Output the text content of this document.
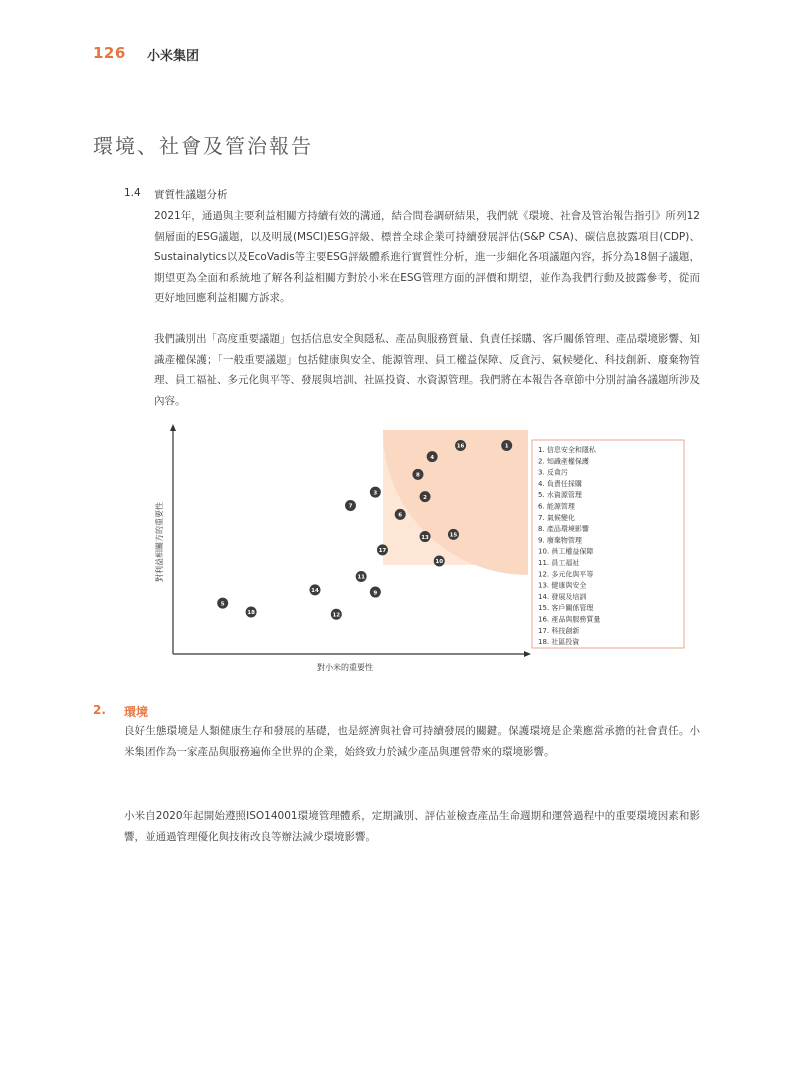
126 小米集团
環境、社會及管治報告
1.4 實質性議題分析
2021年，通過與主要利益相關方持續有效的溝通，結合問卷調研結果，我們就《環境、社會及管治報告指引》所列12個層面的ESG議題，以及明晟(MSCI)ESG評級、標普全球企業可持續發展評估(S&P CSA)、碳信息披露項目(CDP)、Sustainalytics以及EcoVadis等主要ESG評級體系進行實質性分析，進一步細化各項議題內容，拆分為18個子議題，期望更為全面和系統地了解各利益相關方對於小米在ESG管理方面的評價和期望，並作為我們行動及披露參考，從而更好地回應利益相關方訴求。
我們識別出「高度重要議題」包括信息安全與隱私、產品與服務質量、負責任採購、客戶關係管理、產品環境影響、知識產權保護；「一般重要議題」包括健康與安全、能源管理、員工權益保障、反貪污、氣候變化、科技創新、廢棄物管理、員工福祉、多元化與平等、發展與培訓、社區投資、水資源管理。我們將在本報告各章節中分別討論各議題所涉及內容。
對利益相關方的重要性
對小米的重要性
1
2
3
4
5
6
7
8
9
10
11
12
13
14
15
16
17
18
1. 信息安全和隱私
2. 知識產權保護
3. 反貪污
4. 負責任採購
5. 水資源管理
6. 能源管理
7. 氣候變化
8. 產品環境影響
9. 廢棄物管理
10. 員工權益保障
11. 員工福祉
12. 多元化與平等
13. 健康與安全
14. 發展及培訓
15. 客戶關係管理
16. 產品與服務質量
17. 科技創新
18. 社區投資
2. 環境
良好生態環境是人類健康生存和發展的基礎，也是經濟與社會可持續發展的關鍵。保護環境是企業應當承擔的社會責任。小米集团作為一家產品與服務遍佈全世界的企業，始終致力於減少產品與運營帶來的環境影響。
小米自2020年起開始遵照ISO14001環境管理體系，定期識別、評估並檢查產品生命週期和運營過程中的重要環境因素和影響，並通過管理優化與技術改良等辦法減少環境影響。
